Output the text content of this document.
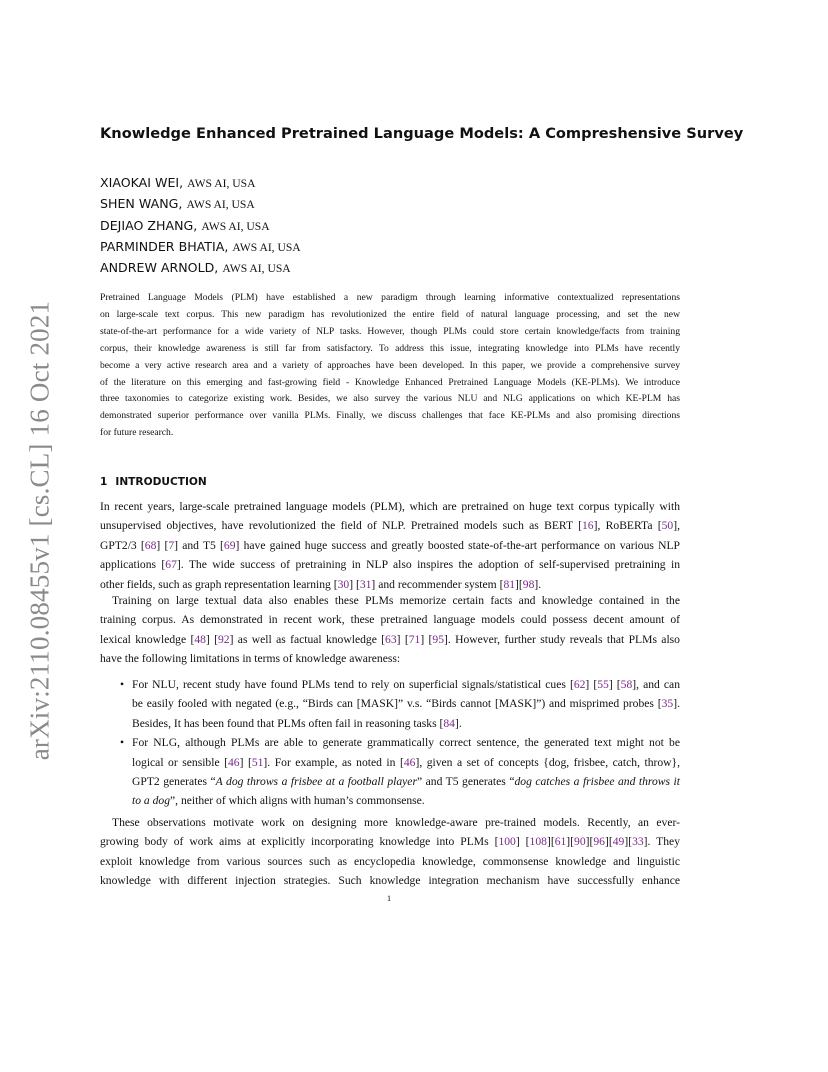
arXiv:2110.08455v1 [cs.CL] 16 Oct 2021
Knowledge Enhanced Pretrained Language Models: A Compreshensive Survey
XIAOKAI WEI, AWS AI, USA
SHEN WANG, AWS AI, USA
DEJIAO ZHANG, AWS AI, USA
PARMINDER BHATIA, AWS AI, USA
ANDREW ARNOLD, AWS AI, USA
Pretrained Language Models (PLM) have established a new paradigm through learning informative contextualized representations
on large-scale text corpus. This new paradigm has revolutionized the entire field of natural language processing, and set the new
state-of-the-art performance for a wide variety of NLP tasks. However, though PLMs could store certain knowledge/facts from training
corpus, their knowledge awareness is still far from satisfactory. To address this issue, integrating knowledge into PLMs have recently
become a very active research area and a variety of approaches have been developed. In this paper, we provide a comprehensive survey
of the literature on this emerging and fast-growing field - Knowledge Enhanced Pretrained Language Models (KE-PLMs). We introduce
three taxonomies to categorize existing work. Besides, we also survey the various NLU and NLG applications on which KE-PLM has
demonstrated superior performance over vanilla PLMs. Finally, we discuss challenges that face KE-PLMs and also promising directions
for future research.
1 INTRODUCTION
In recent years, large-scale pretrained language models (PLM), which are pretrained on huge text corpus typically with
unsupervised objectives, have revolutionized the field of NLP. Pretrained models such as BERT [16], RoBERTa [50],
GPT2/3 [68] [7] and T5 [69] have gained huge success and greatly boosted state-of-the-art performance on various NLP
applications [67]. The wide success of pretraining in NLP also inspires the adoption of self-supervised pretraining in
other fields, such as graph representation learning [30] [31] and recommender system [81][98].
Training on large textual data also enables these PLMs memorize certain facts and knowledge contained in the
training corpus. As demonstrated in recent work, these pretrained language models could possess decent amount of
lexical knowledge [48] [92] as well as factual knowledge [63] [71] [95]. However, further study reveals that PLMs also
have the following limitations in terms of knowledge awareness:
• For NLU, recent study have found PLMs tend to rely on superficial signals/statistical cues [62] [55] [58], and can
be easily fooled with negated (e.g., “Birds can [MASK]” v.s. “Birds cannot [MASK]”) and misprimed probes [35].
Besides, It has been found that PLMs often fail in reasoning tasks [84].
• For NLG, although PLMs are able to generate grammatically correct sentence, the generated text might not be
logical or sensible [46] [51]. For example, as noted in [46], given a set of concepts {dog, frisbee, catch, throw},
GPT2 generates “A dog throws a frisbee at a football player” and T5 generates “dog catches a frisbee and throws it
to a dog”, neither of which aligns with human’s commonsense.
These observations motivate work on designing more knowledge-aware pre-trained models. Recently, an ever-
growing body of work aims at explicitly incorporating knowledge into PLMs [100] [108][61][90][96][49][33]. They
exploit knowledge from various sources such as encyclopedia knowledge, commonsense knowledge and linguistic
knowledge with different injection strategies. Such knowledge integration mechanism have successfully enhance
1
